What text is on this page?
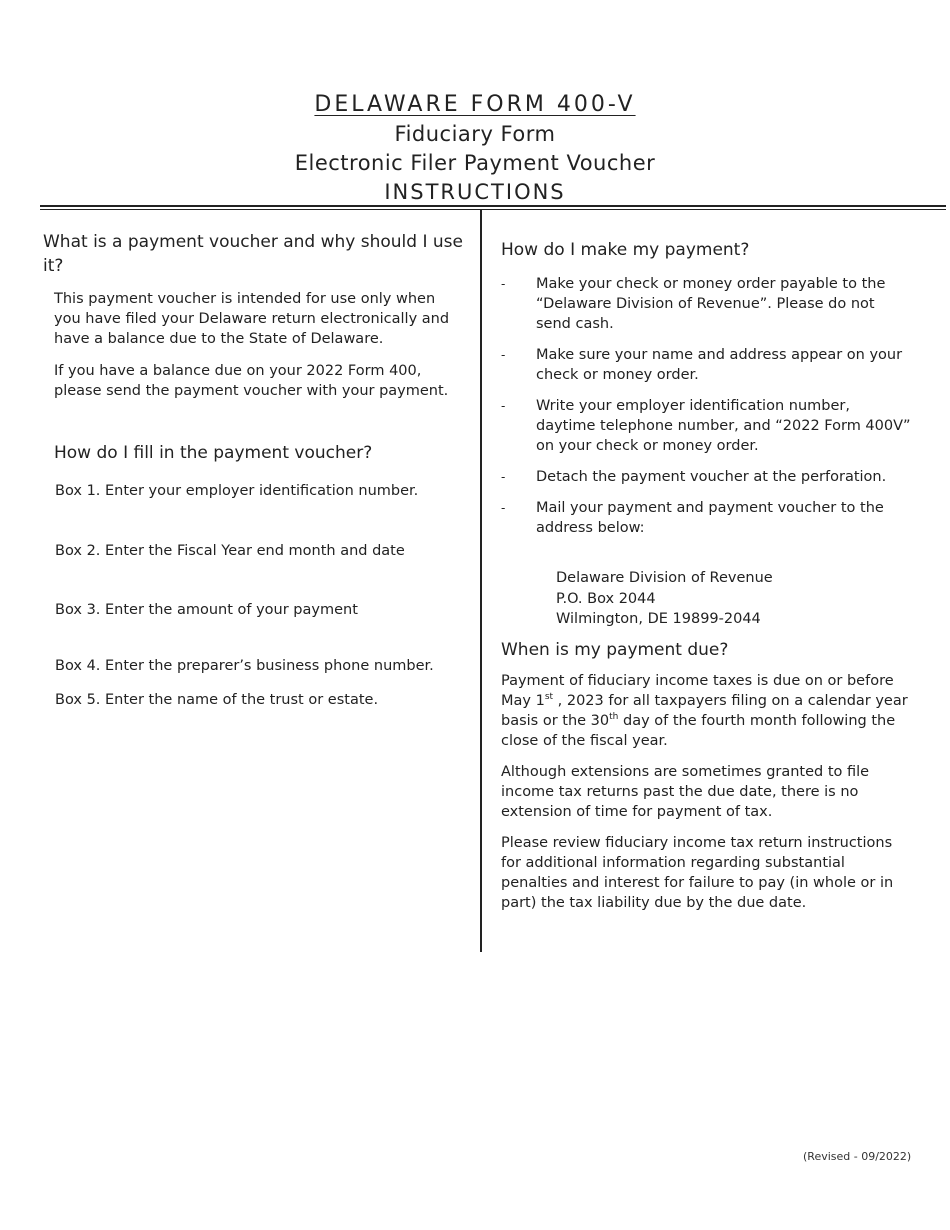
DELAWARE FORM 400-V
Fiduciary Form
Electronic Filer Payment Voucher
INSTRUCTIONS
What is a payment voucher and why should I use it?

This payment voucher is intended for use only when you have filed your Delaware return electronically and have a balance due to the State of Delaware.

If you have a balance due on your 2022 Form 400, please send the payment voucher with your payment.

How do I fill in the payment voucher?
Box 1. Enter your employer identification number.
Box 2. Enter the Fiscal Year end month and date
Box 3. Enter the amount of your payment
Box 4. Enter the preparer’s business phone number.
Box 5. Enter the name of the trust or estate.
How do I make my payment?
- Make your check or money order payable to the “Delaware Division of Revenue”. Please do not send cash.
- Make sure your name and address appear on your check or money order.
- Write your employer identification number, daytime telephone number, and “2022 Form 400V” on your check or money order.
- Detach the payment voucher at the perforation.
- Mail your payment and payment voucher to the address below:
Delaware Division of Revenue
P.O. Box 2044
Wilmington, DE 19899-2044
When is my payment due?

Payment of fiduciary income taxes is due on or before May 1st , 2023 for all taxpayers filing on a calendar year basis or the 30th day of the fourth month following the close of the fiscal year.

Although extensions are sometimes granted to file income tax returns past the due date, there is no extension of time for payment of tax.

Please review fiduciary income tax return instructions for additional information regarding substantial penalties and interest for failure to pay (in whole or in part) the tax liability due by the due date.

(Revised - 09/2022)
